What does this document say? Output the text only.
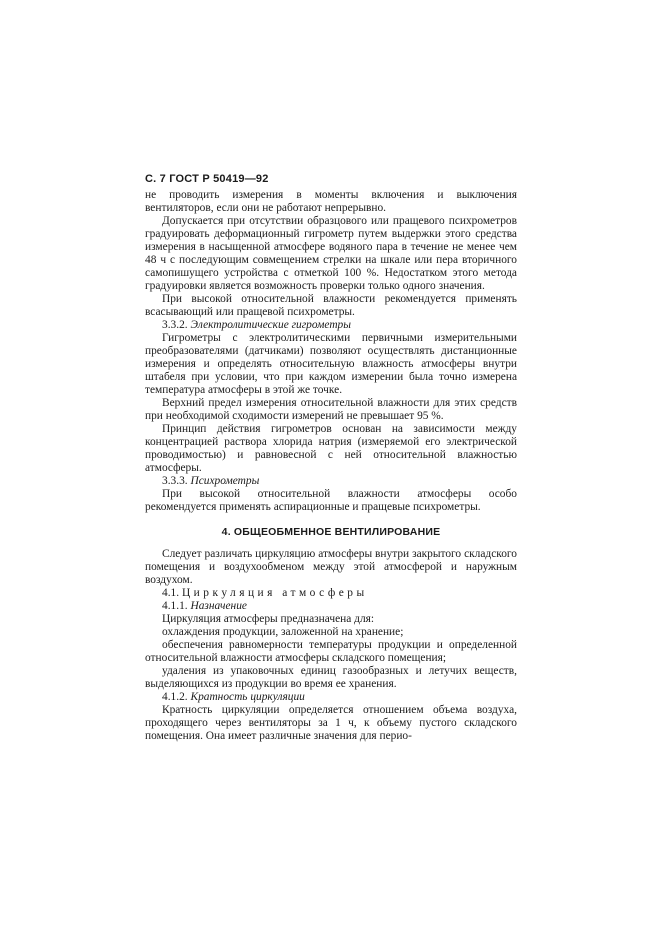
С. 7 ГОСТ Р 50419—92

не проводить измерения в моменты включения и выключения вентиляторов, если они не работают непрерывно.

Допускается при отсутствии образцового или пращевого психрометров градуировать деформационный гигрометр путем выдержки этого средства измерения в насыщенной атмосфере водяного пара в течение не менее чем 48 ч с последующим совмещением стрелки на шкале или пера вторичного самопишущего устройства с отметкой 100 %. Недостатком этого метода градуировки является возможность проверки только одного значения.

При высокой относительной влажности рекомендуется применять всасывающий или пращевой психрометры.

3.3.2. Электролитические гигрометры

Гигрометры с электролитическими первичными измерительными преобразователями (датчиками) позволяют осуществлять дистанционные измерения и определять относительную влажность атмосферы внутри штабеля при условии, что при каждом измерении была точно измерена температура атмосферы в этой же точке.

Верхний предел измерения относительной влажности для этих средств при необходимой сходимости измерений не превышает 95 %.

Принцип действия гигрометров основан на зависимости между концентрацией раствора хлорида натрия (измеряемой его электрической проводимостью) и равновесной с ней относительной влажностью атмосферы.

3.3.3. Психрометры

При высокой относительной влажности атмосферы особо рекомендуется применять аспирационные и пращевые психрометры.

4. ОБЩЕОБМЕННОЕ ВЕНТИЛИРОВАНИЕ

Следует различать циркуляцию атмосферы внутри закрытого складского помещения и воздухообменом между этой атмосферой и наружным воздухом.

4.1. Циркуляция атмосферы
4.1.1. Назначение

Циркуляция атмосферы предназначена для:

охлаждения продукции, заложенной на хранение;

обеспечения равномерности температуры продукции и определенной относительной влажности атмосферы складского помещения;

удаления из упаковочных единиц газообразных и летучих веществ, выделяющихся из продукции во время ее хранения.

4.1.2. Кратность циркуляции

Кратность циркуляции определяется отношением объема воздуха, проходящего через вентиляторы за 1 ч, к объему пустого складского помещения. Она имеет различные значения для перио-
